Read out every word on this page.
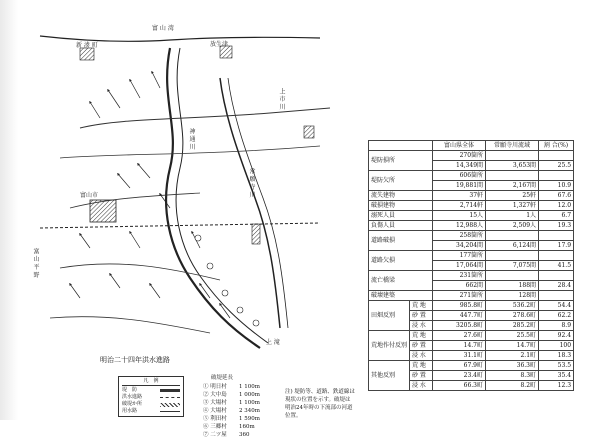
富 山 湾
新 湊 町	放生津
富山市
神 通 川
常 願 寺 川
上 市 川
上 滝
富 山 平 野
明治二十四年洪水進路
凡　例
堤　防
洪水進路
破堤か所
用水路
破堤延長
① 明日村	1 100m
② 大中島	1 000m
③ 大場村	1 100m
④ 大場村	2 340m
⑤ 利田村	1 590m
⑥ 三郷村	160m
⑦ 二ツ屋	360
注) 堤防等、道路、鉄道線は現状の位置を示す。破堤は明治24年時の下流部の河道位置。
		富山県全体	常願寺川流域	割 合(%)
堤防損所		270箇所		
		14,349間	3,653間	25.5
堤防欠所		606箇所		
		19,881間	2,167間	10.9
流失建物		37軒	25軒	67.6
破損建物		2,714軒	1,327軒	12.0
溺死人員		15人	1人	6.7
負傷人員		12,988人	2,509人	19.3
道路破損		258箇所		
		34,204間	6,124間	17.9
道路欠損		177箇所		
		17,064間	7,075間	41.5
流亡橋梁		231箇所		
		662間	188間	28.4
破壊建築		271箇所	128間	
田畑反別	荒 地	985.8町	536.2町	54.4
	砂 置	447.7町	278.6町	62.2
	浸 水	3205.8町	285.2町	8.9
荒地作付反別	荒 地	27.6町	25.5町	92.4
	砂 置	14.7町	14.7町	100
	浸 水	31.1町	2.1町	18.3
其他反別	荒 地	67.9町	36.3町	53.5
	砂 置	23.4町	8.3町	35.4
	浸 水	66.3町	8.2町	12.3
